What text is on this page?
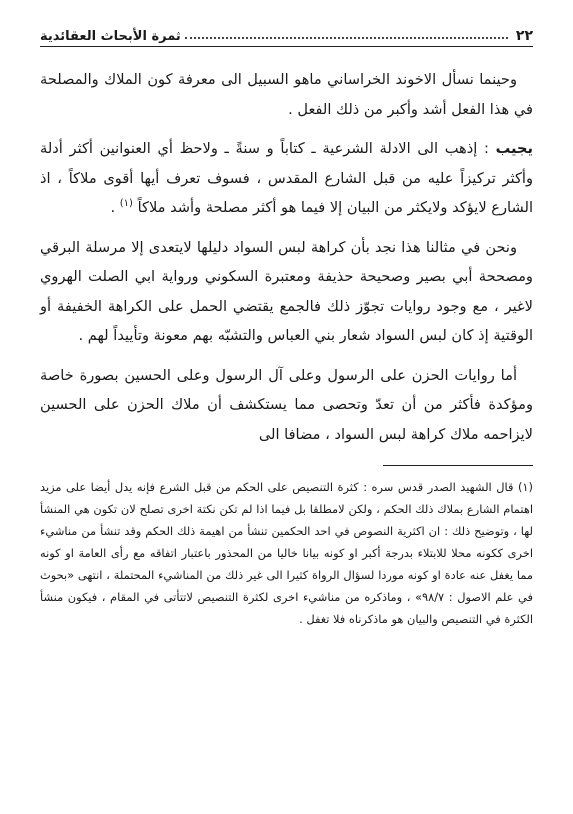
٢٢
ثمرة الأبحاث العقائدية

وحينما نسأل الاخوند الخراساني ماهو السبيل الى معرفة كون الملاك والمصلحة في هذا الفعل أشد وأكبر من ذلك الفعل .

يجيب : إذهب الى الادلة الشرعية ـ كتاباً و سنةً ـ ولاحظ أي العنوانين أكثر أدلة وأكثر تركيزاً عليه من قبل الشارع المقدس ، فسوف تعرف أيها أقوى ملاكاً ، اذ الشارع لايؤكد ولايكثر من البيان إلا فيما هو أكثر مصلحة وأشد ملاكاً $^{(١)}$ .

ونحن في مثالنا هذا نجد بأن كراهة لبس السواد دليلها لايتعدى إلا مرسلة البرقي ومصححة أبي بصير وصحيحة حذيفة ومعتبرة السكوني ورواية ابي الصلت الهروي لاغير ، مع وجود روايات تجوّز ذلك فالجمع يقتضي الحمل على الكراهة الخفيفة أو الوقتية إذ كان لبس السواد شعار بني العباس والتشبّه بهم معونة وتأييداً لهم .

أما روايات الحزن على الرسول وعلى آل الرسول وعلى الحسين بصورة خاصة ومؤكدة فأكثر من أن تعدّ وتحصى مما يستكشف أن ملاك الحزن على الحسين لايزاحمه ملاك كراهة لبس السواد ، مضافا الى

(١) قال الشهيد الصدر قدس سره : كثرة التنصيص على الحكم من قبل الشرع فإنه يدل أيضا على مزيد اهتمام الشارع بملاك ذلك الحكم ، ولكن لامطلقا بل فيما اذا لم تكن نكتة اخرى تصلح لان تكون هي المنشأ لها ، وتوضيح ذلك : ان اكثرية النصوص في احد الحكمين تنشأ من اهيمة ذلك الحكم وقد تنشأ من مناشيء اخرى ككونه محلا للابتلاء بدرجة أكبر او كونه بيانا خاليا من المحذور باعتبار اتفاقه مع رأى العامة او كونه مما يغفل عنه عادة او كونه موردا لسؤال الرواة كثيرا الى غير ذلك من المناشيء المحتملة ، انتهى «بحوث في علم الاصول : ٩٨/٧» ، وماذكره من مناشيء اخرى لكثرة التنصيص لاتتأتى في المقام ، فيكون منشأ الكثرة في التنصيص والبيان هو ماذكرناه فلا تغفل .
